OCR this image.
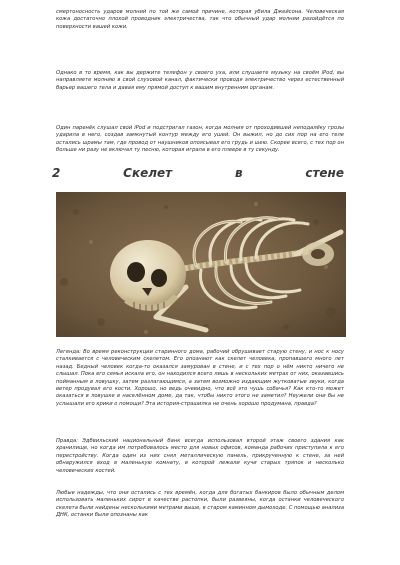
смертоносность ударов молний по той же самой причине, которая убила Джейсона. Человеческая кожа достаточно плохой проводник электричества, так что обычный удар молнии разойдётся по поверхности вашей кожи.

Однако в то время, как вы держите телефон у своего уха, или слушаете музыку на своём iPod, вы направляете молнию в свой слуховой канал, фактически проводя электричество через естественный барьер вашего тела и давая ему прямой доступ к вашим внутренним органам.

Один паренёк слушал свой iPod и подстригал газон, когда молния от проходившей неподалёку грозы ударила в него, создав замкнутый контур между его ушей. Он выжил, но до сих пор на его теле остались шрамы там, где провод от наушников опоясывал его грудь и шею. Скорее всего, с тех пор он больше ни разу не включал ту песню, которая играла в его плеере в ту секунду.

2	Скелет	в	стене

Легенда: Во время реконструкции старинного дома, рабочий обрушивает старую стену, и нос к носу сталкивается с человеческим скелетом. Его опознают как скелет человека, пропавшего много лет назад. Бедный человек когда-то оказался замурован в стене, и с тех пор о нём никто ничего не слышал. Пока его семья искала его, он находился всего лишь в нескольких метрах от них, оказавшись пойманным в ловушку, затем разлагающимся, а затем возможно издающим жутковатые звуки, когда ветер продувал его кости. Хорошо, но ведь очевидно, что всё это чушь собачья? Как кто-то может оказаться в ловушке в населённом доме, да так, чтобы никто этого не заметил? Неужели они бы не услышали его крики о помощи? Эта история-страшилка не очень хорошо продумана, правда?

Правда: Эдбвильский национальный банк всегда использовал второй этаж своего здания как хранилище, но когда им потребовалось место для новых офисов, команда рабочих приступила к его перестройству. Когда один из них снял металлическую панель, прикрученную к стене, за ней обнаружился вход в маленькую комнату, в которой лежали кучи старых тряпок и несколько человеческих костей.

Любые надежды, что они остались с тех времён, когда для богатых банкиров было обычным делом использовать маленьких сирот в качестве растопки, были развеяны, когда останки человеческого скелета были найдены несколькими метрами выше, в старом каминном дымоходе. С помощью анализа ДНК, останки были опознаны как
